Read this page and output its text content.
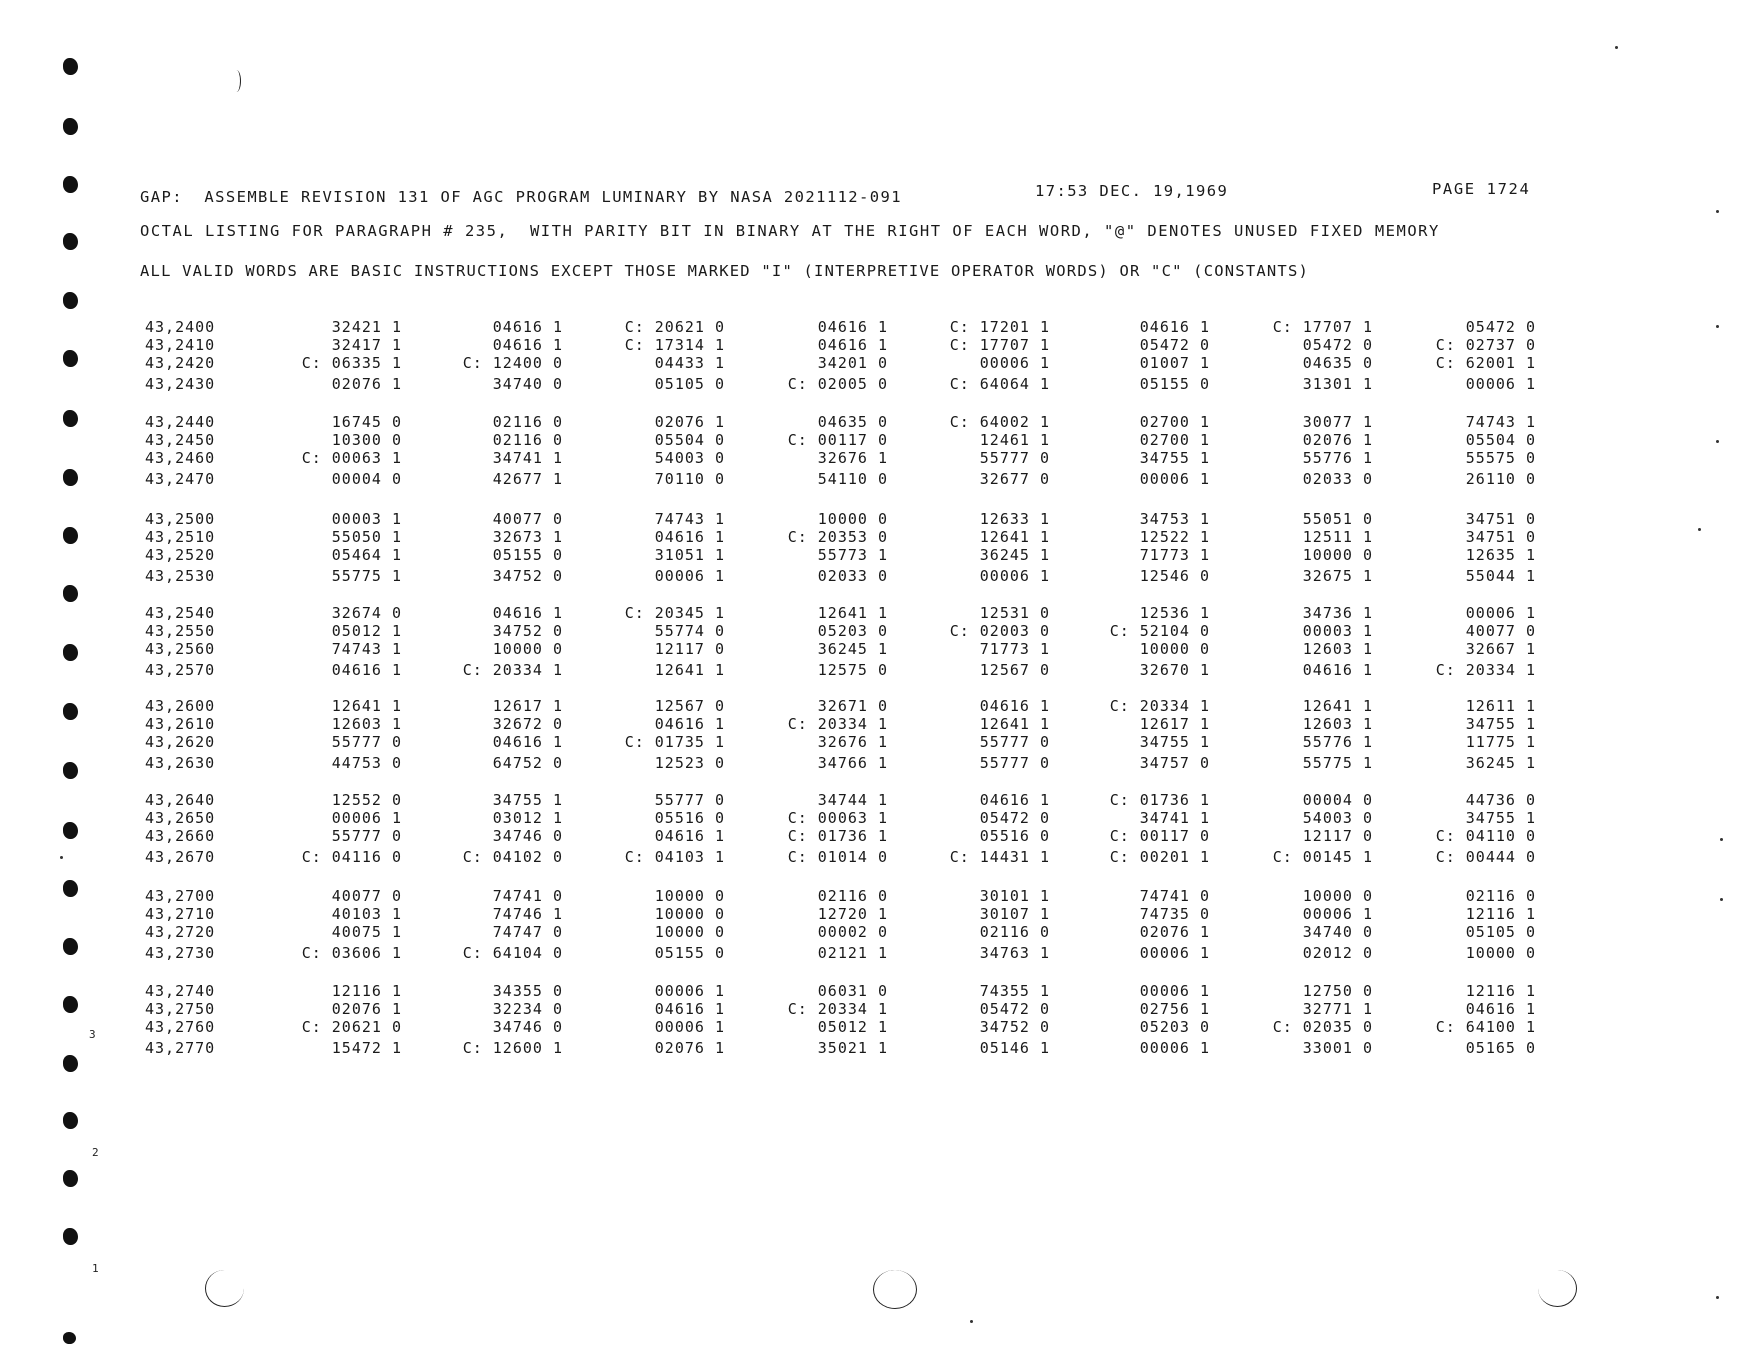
3
2
1
GAP:  ASSEMBLE REVISION 131 OF AGC PROGRAM LUMINARY BY NASA 2021112-091	17:53 DEC. 19,1969	PAGE 1724
OCTAL LISTING FOR PARAGRAPH # 235,  WITH PARITY BIT IN BINARY AT THE RIGHT OF EACH WORD, "@" DENOTES UNUSED FIXED MEMORY
ALL VALID WORDS ARE BASIC INSTRUCTIONS EXCEPT THOSE MARKED "I" (INTERPRETIVE OPERATOR WORDS) OR "C" (CONSTANTS)
43,2400	32421 1	04616 1	C: 20621 0	04616 1	C: 17201 1	04616 1	C: 17707 1	05472 0
43,2410	32417 1	04616 1	C: 17314 1	04616 1	C: 17707 1	05472 0	05472 0	C: 02737 0
43,2420	C: 06335 1	C: 12400 0	04433 1	34201 0	00006 1	01007 1	04635 0	C: 62001 1
43,2430	02076 1	34740 0	05105 0	C: 02005 0	C: 64064 1	05155 0	31301 1	00006 1
43,2440	16745 0	02116 0	02076 1	04635 0	C: 64002 1	02700 1	30077 1	74743 1
43,2450	10300 0	02116 0	05504 0	C: 00117 0	12461 1	02700 1	02076 1	05504 0
43,2460	C: 00063 1	34741 1	54003 0	32676 1	55777 0	34755 1	55776 1	55575 0
43,2470	00004 0	42677 1	70110 0	54110 0	32677 0	00006 1	02033 0	26110 0
43,2500	00003 1	40077 0	74743 1	10000 0	12633 1	34753 1	55051 0	34751 0
43,2510	55050 1	32673 1	04616 1	C: 20353 0	12641 1	12522 1	12511 1	34751 0
43,2520	05464 1	05155 0	31051 1	55773 1	36245 1	71773 1	10000 0	12635 1
43,2530	55775 1	34752 0	00006 1	02033 0	00006 1	12546 0	32675 1	55044 1
43,2540	32674 0	04616 1	C: 20345 1	12641 1	12531 0	12536 1	34736 1	00006 1
43,2550	05012 1	34752 0	55774 0	05203 0	C: 02003 0	C: 52104 0	00003 1	40077 0
43,2560	74743 1	10000 0	12117 0	36245 1	71773 1	10000 0	12603 1	32667 1
43,2570	04616 1	C: 20334 1	12641 1	12575 0	12567 0	32670 1	04616 1	C: 20334 1
43,2600	12641 1	12617 1	12567 0	32671 0	04616 1	C: 20334 1	12641 1	12611 1
43,2610	12603 1	32672 0	04616 1	C: 20334 1	12641 1	12617 1	12603 1	34755 1
43,2620	55777 0	04616 1	C: 01735 1	32676 1	55777 0	34755 1	55776 1	11775 1
43,2630	44753 0	64752 0	12523 0	34766 1	55777 0	34757 0	55775 1	36245 1
43,2640	12552 0	34755 1	55777 0	34744 1	04616 1	C: 01736 1	00004 0	44736 0
43,2650	00006 1	03012 1	05516 0	C: 00063 1	05472 0	34741 1	54003 0	34755 1
43,2660	55777 0	34746 0	04616 1	C: 01736 1	05516 0	C: 00117 0	12117 0	C: 04110 0
43,2670	C: 04116 0	C: 04102 0	C: 04103 1	C: 01014 0	C: 14431 1	C: 00201 1	C: 00145 1	C: 00444 0
43,2700	40077 0	74741 0	10000 0	02116 0	30101 1	74741 0	10000 0	02116 0
43,2710	40103 1	74746 1	10000 0	12720 1	30107 1	74735 0	00006 1	12116 1
43,2720	40075 1	74747 0	10000 0	00002 0	02116 0	02076 1	34740 0	05105 0
43,2730	C: 03606 1	C: 64104 0	05155 0	02121 1	34763 1	00006 1	02012 0	10000 0
43,2740	12116 1	34355 0	00006 1	06031 0	74355 1	00006 1	12750 0	12116 1
43,2750	02076 1	32234 0	04616 1	C: 20334 1	05472 0	02756 1	32771 1	04616 1
43,2760	C: 20621 0	34746 0	00006 1	05012 1	34752 0	05203 0	C: 02035 0	C: 64100 1
43,2770	15472 1	C: 12600 1	02076 1	35021 1	05146 1	00006 1	33001 0	05165 0
